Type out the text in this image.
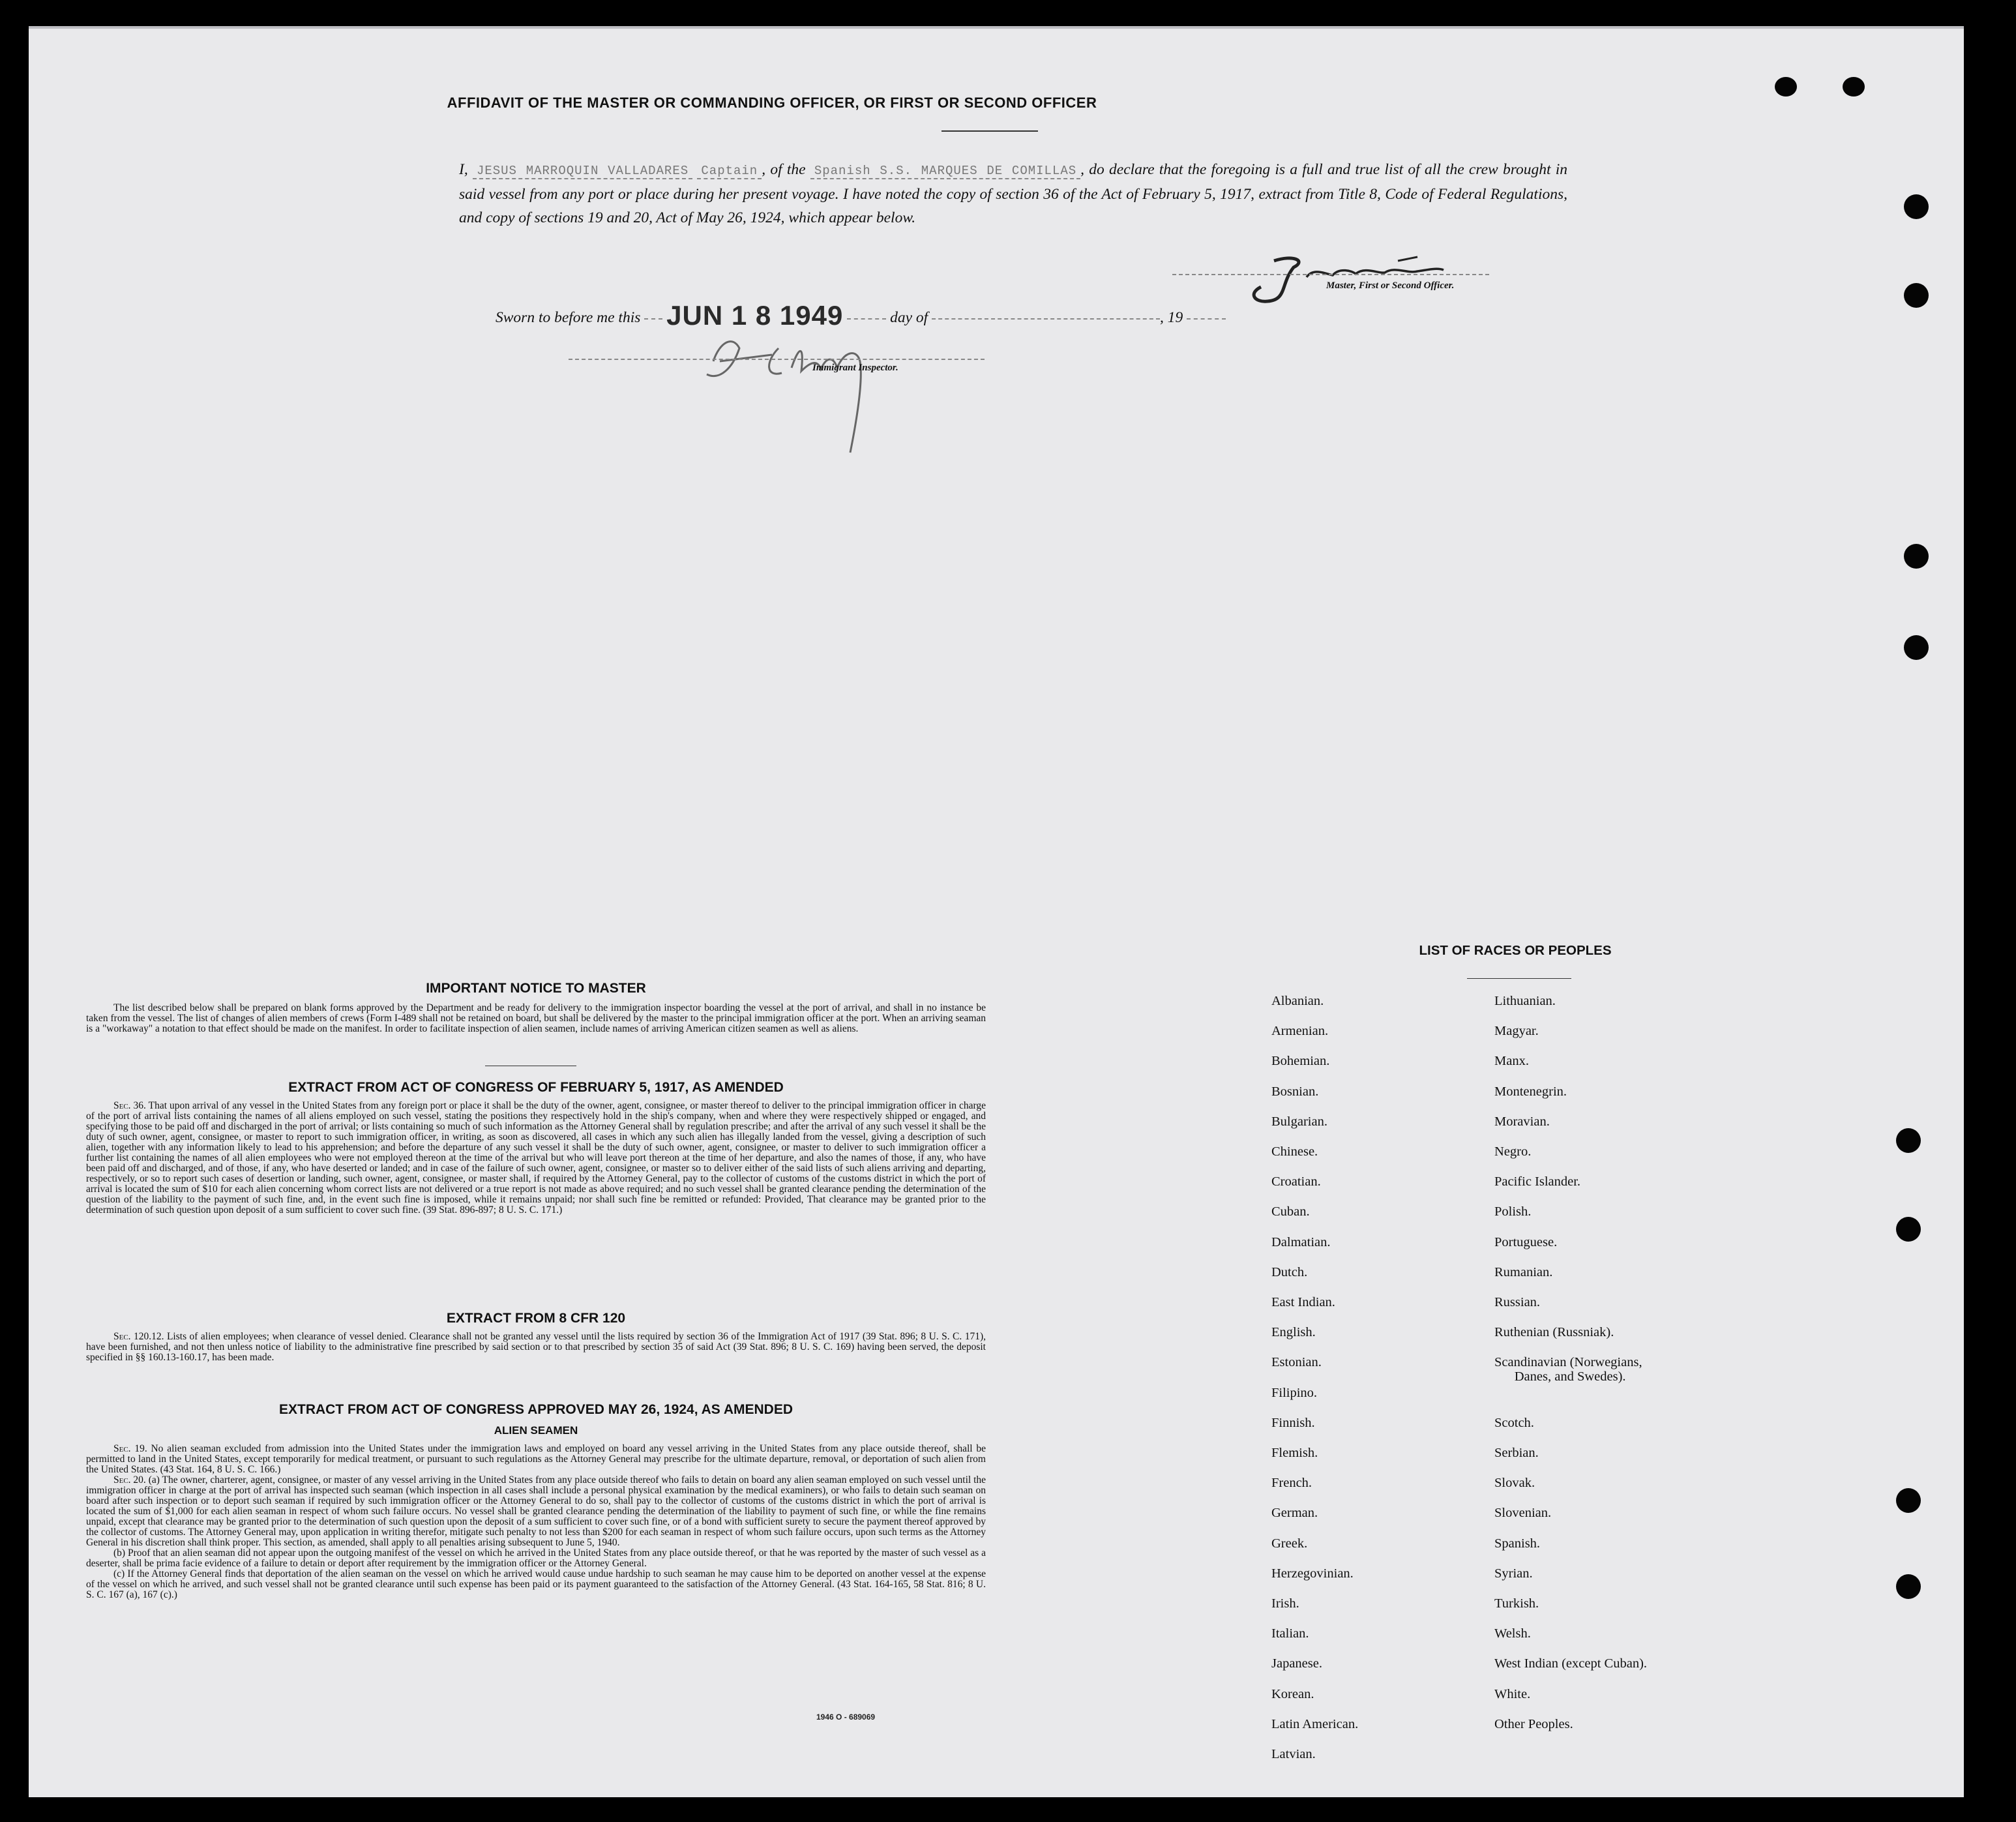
AFFIDAVIT OF THE MASTER OR COMMANDING OFFICER, OR FIRST OR SECOND OFFICER
I, JESUS MARROQUIN VALLADARES Captain , of the Spanish S.S. MARQUES DE COMILLAS , do declare that the foregoing is a full and true list of all the crew brought in said vessel from any port or place during her present voyage. I have noted the copy of section 36 of the Act of February 5, 1917, extract from Title 8, Code of Federal Regulations, and copy of sections 19 and 20, Act of May 26, 1924, which appear below.
Master, First or Second Officer.
Sworn to before me this JUN 1 8 1949	day of	, 19
Immigrant Inspector.
IMPORTANT NOTICE TO MASTER

The list described below shall be prepared on blank forms approved by the Department and be ready for delivery to the immigration inspector boarding the vessel at the port of arrival, and shall in no instance be taken from the vessel. The list of changes of alien members of crews (Form I-489 shall not be retained on board, but shall be delivered by the master to the principal immigration officer at the port. When an arriving seaman is a "workaway" a notation to that effect should be made on the manifest. In order to facilitate inspection of alien seamen, include names of arriving American citizen seamen as well as aliens.

EXTRACT FROM ACT OF CONGRESS OF FEBRUARY 5, 1917, AS AMENDED

Sec. 36. That upon arrival of any vessel in the United States from any foreign port or place it shall be the duty of the owner, agent, consignee, or master thereof to deliver to the principal immigration officer in charge of the port of arrival lists containing the names of all aliens employed on such vessel, stating the positions they respectively hold in the ship's company, when and where they were respectively shipped or engaged, and specifying those to be paid off and discharged in the port of arrival; or lists containing so much of such information as the Attorney General shall by regulation prescribe; and after the arrival of any such vessel it shall be the duty of such owner, agent, consignee, or master to report to such immigration officer, in writing, as soon as discovered, all cases in which any such alien has illegally landed from the vessel, giving a description of such alien, together with any information likely to lead to his apprehension; and before the departure of any such vessel it shall be the duty of such owner, agent, consignee, or master to deliver to such immigration officer a further list containing the names of all alien employees who were not employed thereon at the time of the arrival but who will leave port thereon at the time of her departure, and also the names of those, if any, who have been paid off and discharged, and of those, if any, who have deserted or landed; and in case of the failure of such owner, agent, consignee, or master so to deliver either of the said lists of such aliens arriving and departing, respectively, or so to report such cases of desertion or landing, such owner, agent, consignee, or master shall, if required by the Attorney General, pay to the collector of customs of the customs district in which the port of arrival is located the sum of $10 for each alien concerning whom correct lists are not delivered or a true report is not made as above required; and no such vessel shall be granted clearance pending the determination of the question of the liability to the payment of such fine, and, in the event such fine is imposed, while it remains unpaid; nor shall such fine be remitted or refunded: Provided, That clearance may be granted prior to the determination of such question upon deposit of a sum sufficient to cover such fine. (39 Stat. 896-897; 8 U. S. C. 171.)

EXTRACT FROM 8 CFR 120

Sec. 120.12. Lists of alien employees; when clearance of vessel denied. Clearance shall not be granted any vessel until the lists required by section 36 of the Immigration Act of 1917 (39 Stat. 896; 8 U. S. C. 171), have been furnished, and not then unless notice of liability to the administrative fine prescribed by said section or to that prescribed by section 35 of said Act (39 Stat. 896; 8 U. S. C. 169) having been served, the deposit specified in §§ 160.13-160.17, has been made.

EXTRACT FROM ACT OF CONGRESS APPROVED MAY 26, 1924, AS AMENDED
ALIEN SEAMEN

Sec. 19. No alien seaman excluded from admission into the United States under the immigration laws and employed on board any vessel arriving in the United States from any place outside thereof, shall be permitted to land in the United States, except temporarily for medical treatment, or pursuant to such regulations as the Attorney General may prescribe for the ultimate departure, removal, or deportation of such alien from the United States. (43 Stat. 164, 8 U. S. C. 166.)

Sec. 20. (a) The owner, charterer, agent, consignee, or master of any vessel arriving in the United States from any place outside thereof who fails to detain on board any alien seaman employed on such vessel until the immigration officer in charge at the port of arrival has inspected such seaman (which inspection in all cases shall include a personal physical examination by the medical examiners), or who fails to detain such seaman on board after such inspection or to deport such seaman if required by such immigration officer or the Attorney General to do so, shall pay to the collector of customs of the customs district in which the port of arrival is located the sum of $1,000 for each alien seaman in respect of whom such failure occurs. No vessel shall be granted clearance pending the determination of the liability to payment of such fine, or while the fine remains unpaid, except that clearance may be granted prior to the determination of such question upon the deposit of a sum sufficient to cover such fine, or of a bond with sufficient surety to secure the payment thereof approved by the collector of customs. The Attorney General may, upon application in writing therefor, mitigate such penalty to not less than $200 for each seaman in respect of whom such failure occurs, upon such terms as the Attorney General in his discretion shall think proper. This section, as amended, shall apply to all penalties arising subsequent to June 5, 1940.

(b) Proof that an alien seaman did not appear upon the outgoing manifest of the vessel on which he arrived in the United States from any place outside thereof, or that he was reported by the master of such vessel as a deserter, shall be prima facie evidence of a failure to detain or deport after requirement by the immigration officer or the Attorney General.

(c) If the Attorney General finds that deportation of the alien seaman on the vessel on which he arrived would cause undue hardship to such seaman he may cause him to be deported on another vessel at the expense of the vessel on which he arrived, and such vessel shall not be granted clearance until such expense has been paid or its payment guaranteed to the satisfaction of the Attorney General. (43 Stat. 164-165, 58 Stat. 816; 8 U. S. C. 167 (a), 167 (c).)

1946 O - 689069
LIST OF RACES OR PEOPLES
Albanian.
Armenian.
Bohemian.
Bosnian.
Bulgarian.
Chinese.
Croatian.
Cuban.
Dalmatian.
Dutch.
East Indian.
English.
Estonian.
Filipino.
Finnish.
Flemish.
French.
German.
Greek.
Herzegovinian.
Irish.
Italian.
Japanese.
Korean.
Latin American.
Latvian.
Lithuanian.
Magyar.
Manx.
Montenegrin.
Moravian.
Negro.
Pacific Islander.
Polish.
Portuguese.
Rumanian.
Russian.
Ruthenian (Russniak).
Scandinavian (Norwegians,
Danes, and Swedes).
Scotch.
Serbian.
Slovak.
Slovenian.
Spanish.
Syrian.
Turkish.
Welsh.
West Indian (except Cuban).
White.
Other Peoples.
